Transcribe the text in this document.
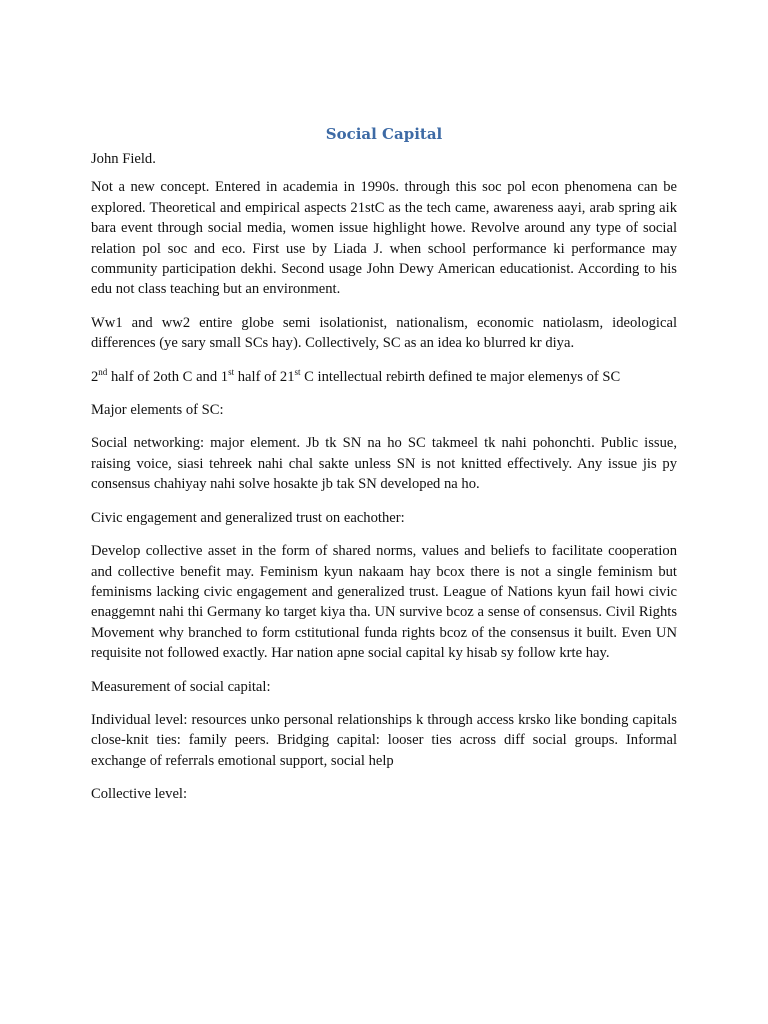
Social Capital
John Field.
Not a new concept. Entered in academia in 1990s. through this soc pol econ phenomena can be explored. Theoretical and empirical aspects 21stC as the tech came, awareness aayi, arab spring aik bara event through social media, women issue highlight howe. Revolve around any type of social relation pol soc and eco. First use by Liada J. when school performance ki performance may community participation dekhi. Second usage John Dewy American educationist. According to his edu not class teaching but an environment.
Ww1 and ww2 entire globe semi isolationist, nationalism, economic natiolasm, ideological differences (ye sary small SCs hay). Collectively, SC as an idea ko blurred kr diya.
2nd half of 2oth C and 1st half of 21st C intellectual rebirth defined te major elemenys of SC
Major elements of SC:
Social networking: major element. Jb tk SN na ho SC takmeel tk nahi pohonchti. Public issue, raising voice, siasi tehreek nahi chal sakte unless SN is not knitted effectively. Any issue jis py consensus chahiyay nahi solve hosakte jb tak SN developed na ho.
Civic engagement and generalized trust on eachother:
Develop collective asset in the form of shared norms, values and beliefs to facilitate cooperation and collective benefit may. Feminism kyun nakaam hay bcox there is not a single feminism but feminisms lacking civic engagement and generalized trust. League of Nations kyun fail howi civic enaggemnt nahi thi Germany ko target kiya tha. UN survive bcoz a sense of consensus. Civil Rights Movement why branched to form cstitutional funda rights bcoz of the consensus it built. Even UN requisite not followed exactly. Har nation apne social capital ky hisab sy follow krte hay.
Measurement of social capital:
Individual level: resources unko personal relationships k through access krsko like bonding capitals close-knit ties: family peers. Bridging capital: looser ties across diff social groups. Informal exchange of referrals emotional support, social help
Collective level:
